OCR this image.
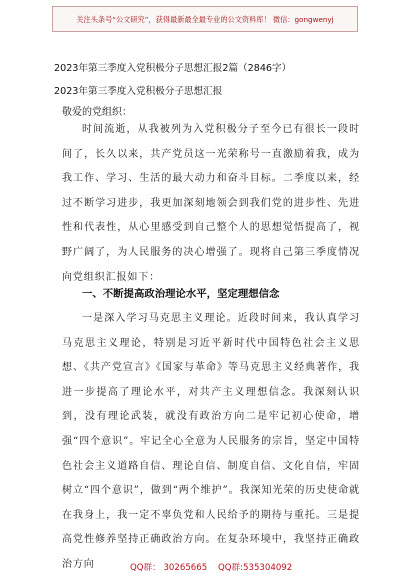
关注头条号“公文研究”，获得最新最全最专业的公文资料库！ 微信：gongwenyj
2023年第三季度入党积极分子思想汇报2篇（2846字）
2023年第三季度入党积极分子思想汇报
敬爱的党组织：
时间流逝，从我被列为入党积极分子至今已有很长一段时间了，长久以来，共产党员这一光荣称号一直激励着我，成为我工作、学习、生活的最大动力和奋斗目标。二季度以来，经过不断学习进步，我更加深刻地领会到我们党的进步性、先进性和代表性，从心里感受到自己整个人的思想觉悟提高了，视野广阔了，为人民服务的决心增强了。现将自己第三季度情况向党组织汇报如下：
一、不断提高政治理论水平，坚定理想信念
一是深入学习马克思主义理论。近段时间来，我认真学习马克思主义理论，特别是习近平新时代中国特色社会主义思想、《共产党宣言》《国家与革命》等马克思主义经典著作，我进一步提高了理论水平，对共产主义理想信念。我深刻认识到，没有理论武装，就没有政治方向二是牢记初心使命，增强“四个意识”。牢记全心全意为人民服务的宗旨，坚定中国特色社会主义道路自信、理论自信、制度自信、文化自信，牢固树立“四个意识”，做到“两个维护”。我深知光荣的历史使命就在我身上，我一定不辜负党和人民给予的期待与重托。三是提高党性修养坚持正确政治方向。在复杂环境中，我坚持正确政治方向	QQ群： 30265665 QQ群:535304092
